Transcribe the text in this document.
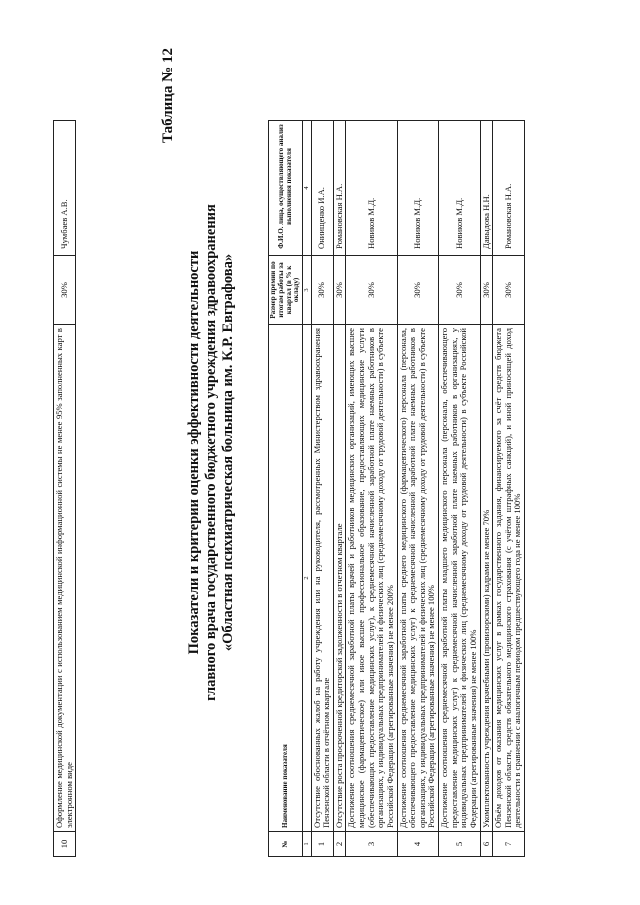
10	Оформление медицинской документации с использованием медицинской информационной системы не менее 95% заполненных карт в электронном виде	30%	Чумбаев А.В.
Таблица № 12
Показатели и критерии оценки эффективности деятельности главного врача государственного бюджетного учреждения здравоохранения «Областная психиатрическая больница им. К.Р. Евграфова»
№	Наименование показателя	Размер премии по итогам работы за квартал (в % к окладу)	Ф.И.О. лица, осуществляющего анализ выполнения показателя
1	2	3	4
1	Отсутствие обоснованных жалоб на работу учреждения или на руководителя, рассмотренных Министерством здравоохранения Пензенской области в отчётном квартале	30%	Ониищенко И.А.
2	Отсутствие роста просроченной кредиторской задолженности в отчетном квартале	30%	Романовская Н.А.
3	Достижение соотношения среднемесячной заработной платы врачей и работников медицинских организаций, имеющих высшее медицинское (фармацевтическое) или иное высшее профессиональное образование, предоставляющих медицинские услуги (обеспечивающих предоставление медицинских услуг), к среднемесячной начисленной заработной плате наемных работников в организациях, у индивидуальных предпринимателей и физических лиц (среднемесячному доходу от трудовой деятельности) в субъекте Российской Федерации (агрегированные значения) не менее 200%	30%	Новиков М.Д.
4	Достижение соотношения среднемесячной заработной платы среднего медицинского (фармацевтического) персонала (персонала, обеспечивающего предоставление медицинских услуг) к среднемесячной начисленной заработной плате наемных работников в организациях, у индивидуальных предпринимателей и физических лиц (среднемесячному доходу от трудовой деятельности) в субъекте Российской Федерации (агрегированные значения) не менее 100%	30%	Новиков М.Д.
5	Достижение соотношения среднемесячной заработной платы младшего медицинского персонала (персонала, обеспечивающего предоставление медицинских услуг) к среднемесячной начисленной заработной плате наемных работников в организациях, у индивидуальных предпринимателей и физических лиц (среднемесячному доходу от трудовой деятельности) в субъекте Российской Федерации (агрегированные значения) не менее 100%	30%	Новиков М.Д.
6	Укомплектованность учреждения врачебными (провизорскими) кадрами не менее 70%	30%	Давыдова Н.Н.
7	Объём доходов от оказания медицинских услуг в рамках государственного задания, финансируемого за счёт средств бюджета Пензенской области, средств обязательного медицинского страхования (с учётом штрафных санкций), и иной приносящей доход деятельности в сравнении с аналогичным периодом предшествующего года не менее 100%	30%	Романовская Н.А.
